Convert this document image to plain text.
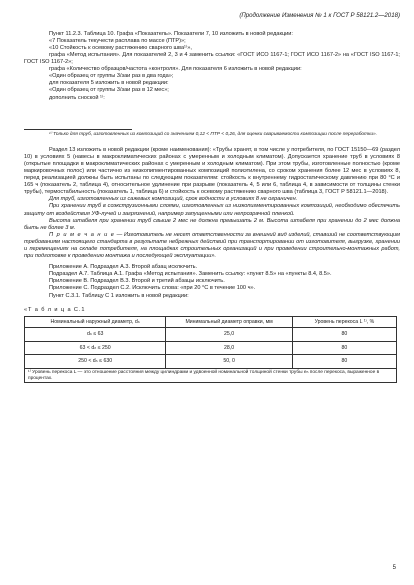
(Продолжение Изменения № 1 к ГОСТ Р 58121.2—2018)

Пункт 11.2.3. Таблица 10. Графа «Показатель». Показатели 7, 10 изложить в новой редакции:

«7 Показатель текучести расплава по массе (ПТР)»;

«10 Стойкость к осевому растяжению сварного шва¹⁾»,

графа «Метод испытания». Для показателей 2, 3 и 4 заменить ссылки: «ГОСТ ИСО 1167-1; ГОСТ ИСО 1167-2» на «ГОСТ ISO 1167-1; ГОСТ ISO 1167-2»;

графа «Количество образцов/частота «контроля». Для показателя 6 изложить в новой редакции:

«Один образец от группы 3/заи раз в два года»;

для показателя 5 изложить в новой редакции:

«Один образец от группы 3/заи раз в 12 мес»;

дополнить сноской ¹⁾:

¹⁾ Только для труб, изготовленных из композиций со значением 0,12 < ПТР < 0,26, для оценки свариваемости композиции после переработки».

Раздел 13 изложить в новой редакции (кроме наименования): «Трубы хранят, в том числе у потребителя, по ГОСТ 15150—69 (раздел 10) в условиях 5 (навесы в макроклиматических районах с умеренным и холодным климатом). Допускается хранение труб в условиях 8 (открытые площадки в макроклиматических районах с умеренным и холодным климатом). При этом трубы, изготовленные полностью (кроме маркировочных полос) или частично из низкопигментированных композиций полиэтилена, со сроком хранения более 12 мес в условиях 8, перед реализацией должны быть испытаны по следующим показателям: стойкость к внутреннему гидростатическому давлению при 80 °С и 165 ч (показатель 2, таблица 4), относительное удлинение при разрыве (показатель 4, 5 или 6, таблица 4, в зависимости от толщины стенки трубы), термостабильность (показатель 1, таблица 6) и стойкость к осевому растяжению сварного шва (таблица 3, ГОСТ Р 58121.1—2018).

Для труб, изготовленных из сажевых композиций, срок водности в условиях 8 не ограничен.

При хранении труб в соэкструзионными слоями, изготовленных из низкопигментированных композиций, необходимо обеспечить защиту от воздействия УФ-лучей и загрязнений, например запущенными или непрозрачной пленкой.

Высота штабеля при хранении труб свыше 2 мес не должна превышать 2 м. Высота штабеля при хранении до 2 мес должна быть не более 3 м.

П р и м е ч а н и е — Изготовитель не несет ответственности за внешний вид изделий, ставший не соответствующим требованиям настоящего стандарта в результате небрежных действий при транспортировании от изготовителя, выгрузке, хранении и перемещениях на складе потребителя, на площадках строительных организаций и при проведении строительно-монтажных работ, при подготовке к проведению монтажа и последующей эксплуатации».

Приложение А. Подраздел А.3. Второй абзац исключить.

Подраздел А.7. Таблица А.1. Графа «Метод испытания». Заменить ссылку: «пункт 8.5» на «пункты 8.4, 8.5».

Приложение В. Подраздел В.3. Второй и третий абзацы исключить.

Приложение С. Подраздел С.2. Исключить слова: «при 20 °С в течение 100 ч».

Пункт С.3.1. Таблицу С 1 изложить в новой редакции:

«Т а б л и ц а С.1
Номинальный наружный диаметр, dₙ	Минимальный диаметр оправки, мм	Уровень перекоса L ¹⁾, %
dₙ ≤ 63	25,0	80
63 < dₙ ≤ 250	28,0	80
250 < dₙ ≤ 630	50, 0	80
¹⁾ Уровень перекоса L — это отношение расстояния между цилиндрами и удвоенной номинальной толщиной стенки трубы eₙ после перекоса, выраженное в процентах.		
5
